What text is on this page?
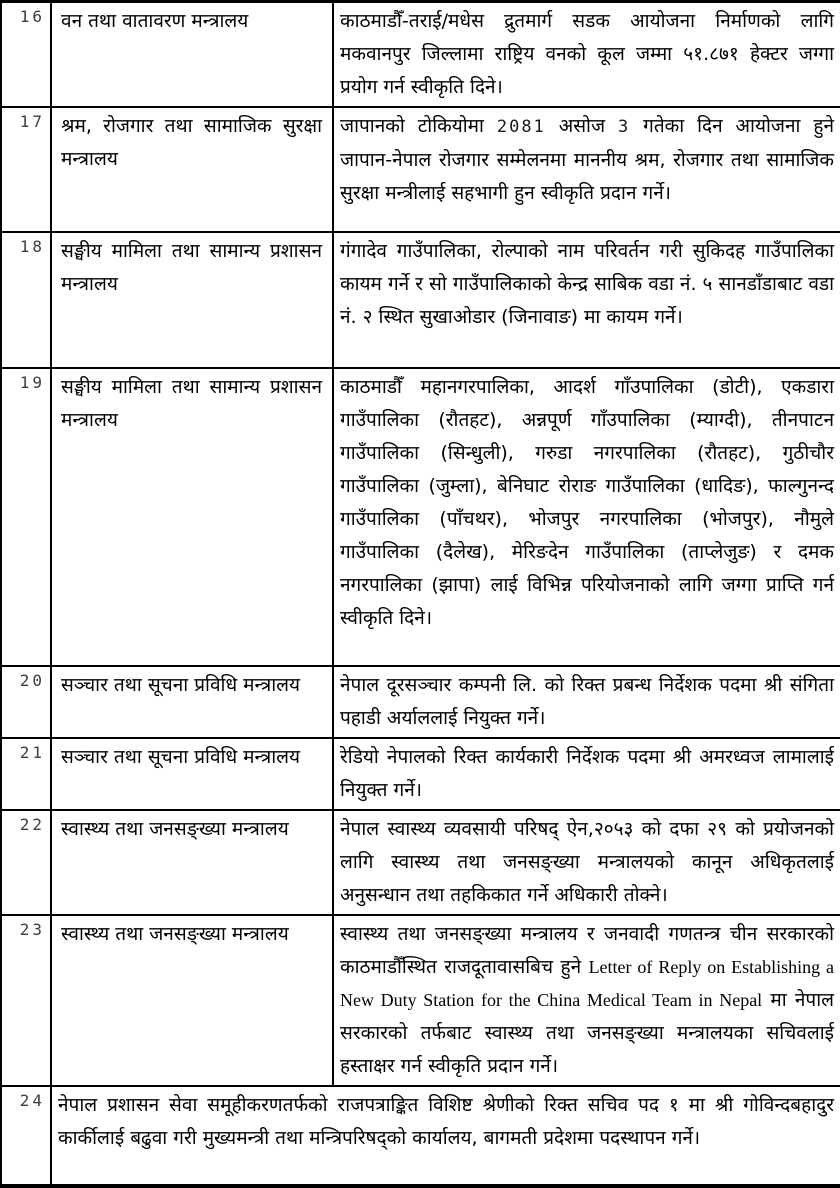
16	वन तथा वातावरण मन्त्रालय	काठमाडौँ-तराई/मधेस द्रुतमार्ग सडक आयोजना निर्माणको लागि मकवानपुर जिल्लामा राष्ट्रिय वनको कूल जम्मा ५१.८७१ हेक्टर जग्गा प्रयोग गर्न स्वीकृति दिने।
17	श्रम, रोजगार तथा सामाजिक सुरक्षा मन्त्रालय	जापानको टोकियोमा 2081 असोज 3 गतेका दिन आयोजना हुने जापान-नेपाल रोजगार सम्मेलनमा माननीय श्रम, रोजगार तथा सामाजिक सुरक्षा मन्त्रीलाई सहभागी हुन स्वीकृति प्रदान गर्ने।
18	सङ्घीय मामिला तथा सामान्य प्रशासन मन्त्रालय	गंगादेव गाउँपालिका, रोल्पाको नाम परिवर्तन गरी सुकिदह गाउँपालिका कायम गर्ने र सो गाउँपालिकाको केन्द्र साबिक वडा नं. ५ सानडाँडाबाट वडा नं. २ स्थित सुखाओडार (जिनावाङ) मा कायम गर्ने।
19	सङ्घीय मामिला तथा सामान्य प्रशासन मन्त्रालय	काठमाडौँ महानगरपालिका, आदर्श गाँउपालिका (डोटी), एकडारा गाउँपालिका (रौतहट), अन्नपूर्ण गाँउपालिका (म्याग्दी), तीनपाटन गाउँपालिका (सिन्धुली), गरुडा नगरपालिका (रौतहट), गुठीचौर गाउँपालिका (जुम्ला), बेनिघाट रोराङ गाउँपालिका (धादिङ), फाल्गुनन्द गाउँपालिका (पाँचथर), भोजपुर नगरपालिका (भोजपुर), नौमुले गाउँपालिका (दैलेख), मेरिङदेन गाउँपालिका (ताप्लेजुङ) र दमक नगरपालिका (झापा) लाई विभिन्न परियोजनाको लागि जग्गा प्राप्ति गर्न स्वीकृति दिने।
20	सञ्चार तथा सूचना प्रविधि मन्त्रालय	नेपाल दूरसञ्चार कम्पनी लि. को रिक्त प्रबन्ध निर्देशक पदमा श्री संगिता पहाडी अर्याललाई नियुक्त गर्ने।
21	सञ्चार तथा सूचना प्रविधि मन्त्रालय	रेडियो नेपालको रिक्त कार्यकारी निर्देशक पदमा श्री अमरध्वज लामालाई नियुक्त गर्ने।
22	स्वास्थ्य तथा जनसङ्ख्या मन्त्रालय	नेपाल स्वास्थ्य व्यवसायी परिषद् ऐन,२०५३ को दफा २९ को प्रयोजनको लागि स्वास्थ्य तथा जनसङ्ख्या मन्त्रालयको कानून अधिकृतलाई अनुसन्धान तथा तहकिकात गर्ने अधिकारी तोक्ने।
23	स्वास्थ्य तथा जनसङ्ख्या मन्त्रालय	स्वास्थ्य तथा जनसङ्ख्या मन्त्रालय र जनवादी गणतन्त्र चीन सरकारको काठमाडौँस्थित राजदूतावासबिच हुने Letter of Reply on Establishing a New Duty Station for the China Medical Team in Nepal मा नेपाल सरकारको तर्फबाट स्वास्थ्य तथा जनसङ्ख्या मन्त्रालयका सचिवलाई हस्ताक्षर गर्न स्वीकृति प्रदान गर्ने।
24	नेपाल प्रशासन सेवा समूहीकरणतर्फको राजपत्राङ्कित विशिष्ट श्रेणीको रिक्त सचिव पद १ मा श्री गोविन्दबहादुर कार्कीलाई बढुवा गरी मुख्यमन्त्री तथा मन्त्रिपरिषद्को कार्यालय, बागमती प्रदेशमा पदस्थापन गर्ने।	
